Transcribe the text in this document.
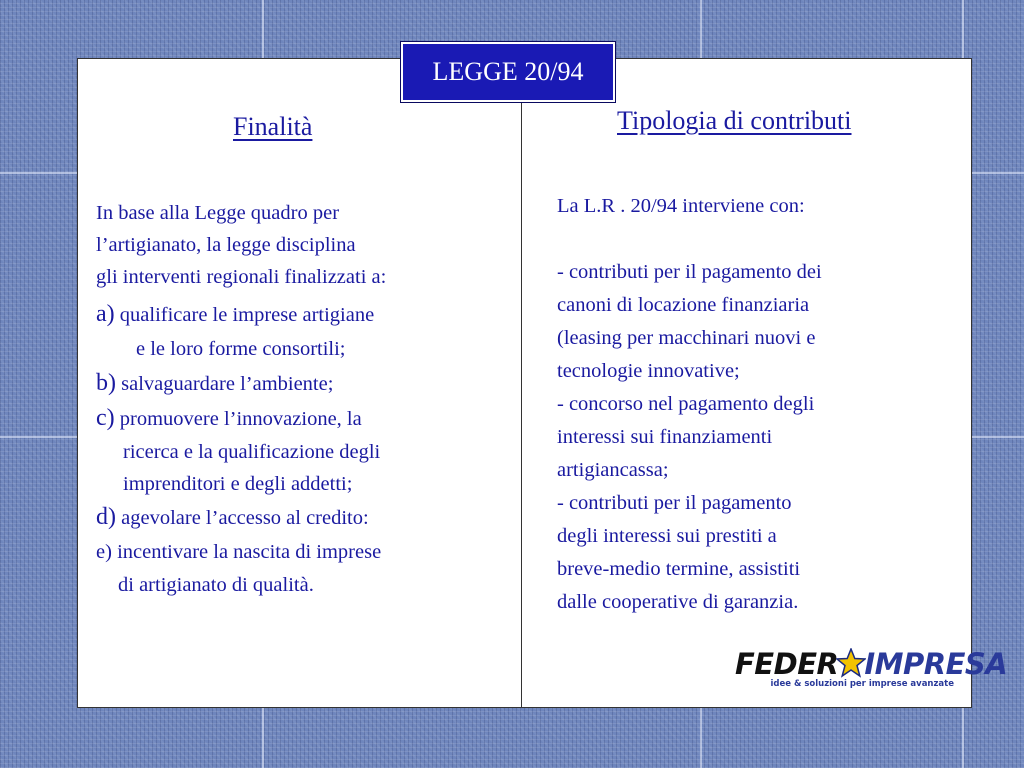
LEGGE 20/94
Finalità	Tipologia di contributi

In base alla Legge quadro per

l’artigianato, la legge disciplina

gli interventi regionali finalizzati a:

a) qualificare le imprese artigiane

e le loro forme consortili;

b) salvaguardare l’ambiente;

c) promuovere l’innovazione, la

ricerca e la qualificazione degli

imprenditori e degli addetti;

d) agevolare l’accesso al credito:

e) incentivare la nascita di imprese

di artigianato di qualità.

La L.R . 20/94 interviene con:

- contributi per il pagamento dei

canoni di locazione finanziaria

(leasing per macchinari nuovi e

tecnologie innovative;

- concorso nel pagamento degli

interessi sui finanziamenti

artigiancassa;

- contributi per il pagamento

degli interessi sui prestiti a

breve-medio termine, assistiti

dalle cooperative di garanzia.

FEDER IMPRESA
idee & soluzioni per imprese avanzate
